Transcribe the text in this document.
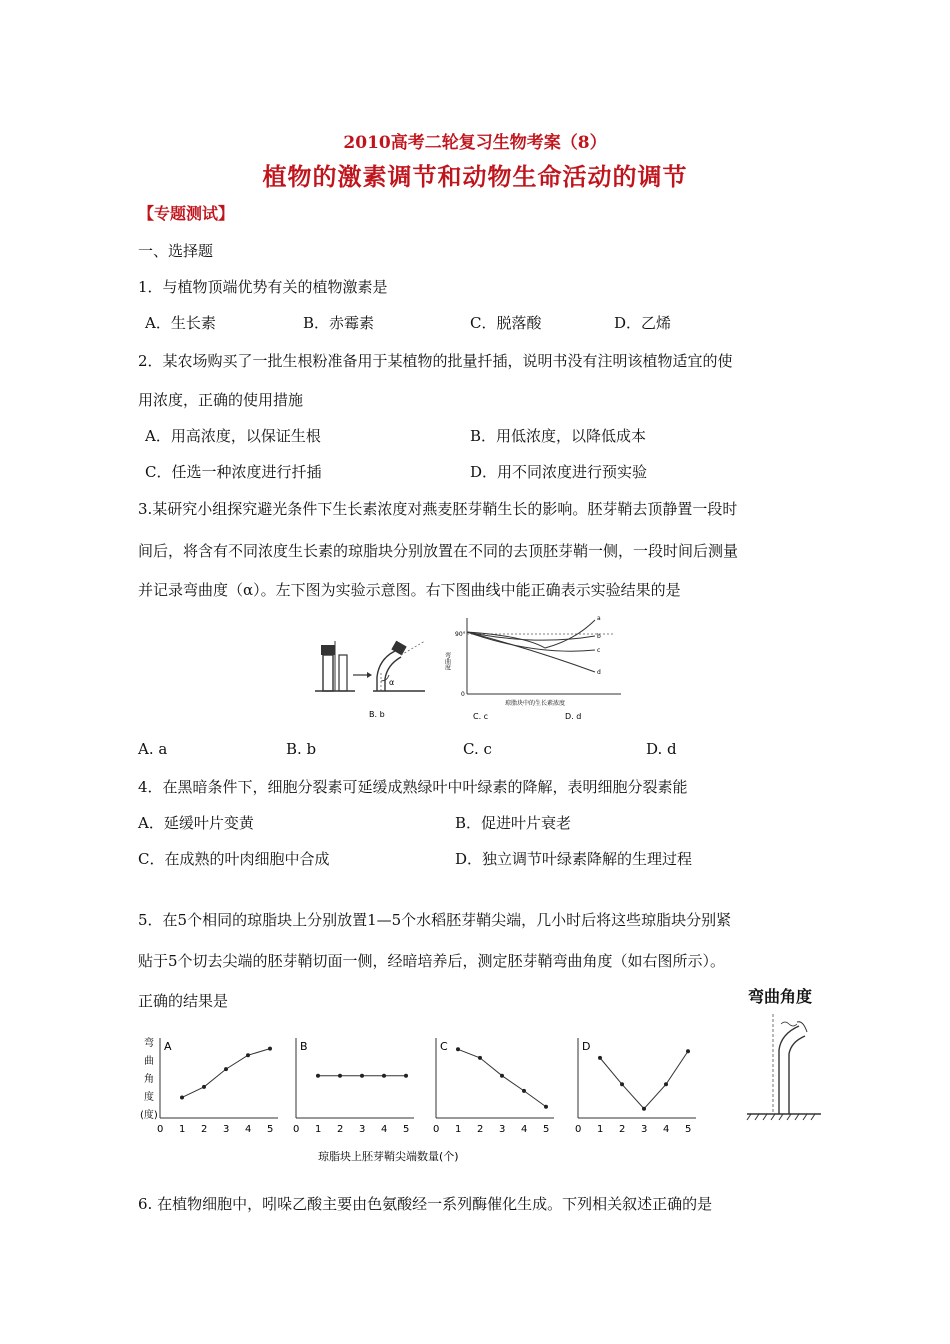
2010高考二轮复习生物考案（8）
植物的激素调节和动物生命活动的调节
【专题测试】
一、选择题
1．与植物顶端优势有关的植物激素是
A．生长素	B．赤霉素	C．脱落酸	D．乙烯
2．某农场购买了一批生根粉准备用于某植物的批量扦插，说明书没有注明该植物适宜的使
用浓度，正确的使用措施
A．用高浓度，以保证生根	B．用低浓度，以降低成本
C．任选一种浓度进行扦插	D．用不同浓度进行预实验
3.某研究小组探究避光条件下生长素浓度对燕麦胚芽鞘生长的影响。胚芽鞘去顶静置一段时
间后，将含有不同浓度生长素的琼脂块分别放置在不同的去顶胚芽鞘一侧，一段时间后测量
并记录弯曲度（α）。左下图为实验示意图。右下图曲线中能正确表示实验结果的是
α
B. b
弯曲度
90°
0
a
b
c
d
琼脂块中的生长素浓度
C. c	D. d
A. a	B. b	C. c	D. d
4．在黑暗条件下，细胞分裂素可延缓成熟绿叶中叶绿素的降解，表明细胞分裂素能
A．延缓叶片变黄	B．促进叶片衰老
C．在成熟的叶肉细胞中合成	D．独立调节叶绿素降解的生理过程
5．在5个相同的琼脂块上分别放置1—5个水稻胚芽鞘尖端，几小时后将这些琼脂块分别紧
贴于5个切去尖端的胚芽鞘切面一侧，经暗培养后，测定胚芽鞘弯曲角度（如右图所示）。
正确的结果是
弯
曲
角
度
(度)
琼脂块上胚芽鞘尖端数量(个)
A
0 1 2 3 4 5
B
0 1 2 3 4 5
C
0 1 2 3 4 5
D
0 1 2 3 4 5
弯曲角度
6. 在植物细胞中，吲哚乙酸主要由色氨酸经一系列酶催化生成。下列相关叙述正确的是
